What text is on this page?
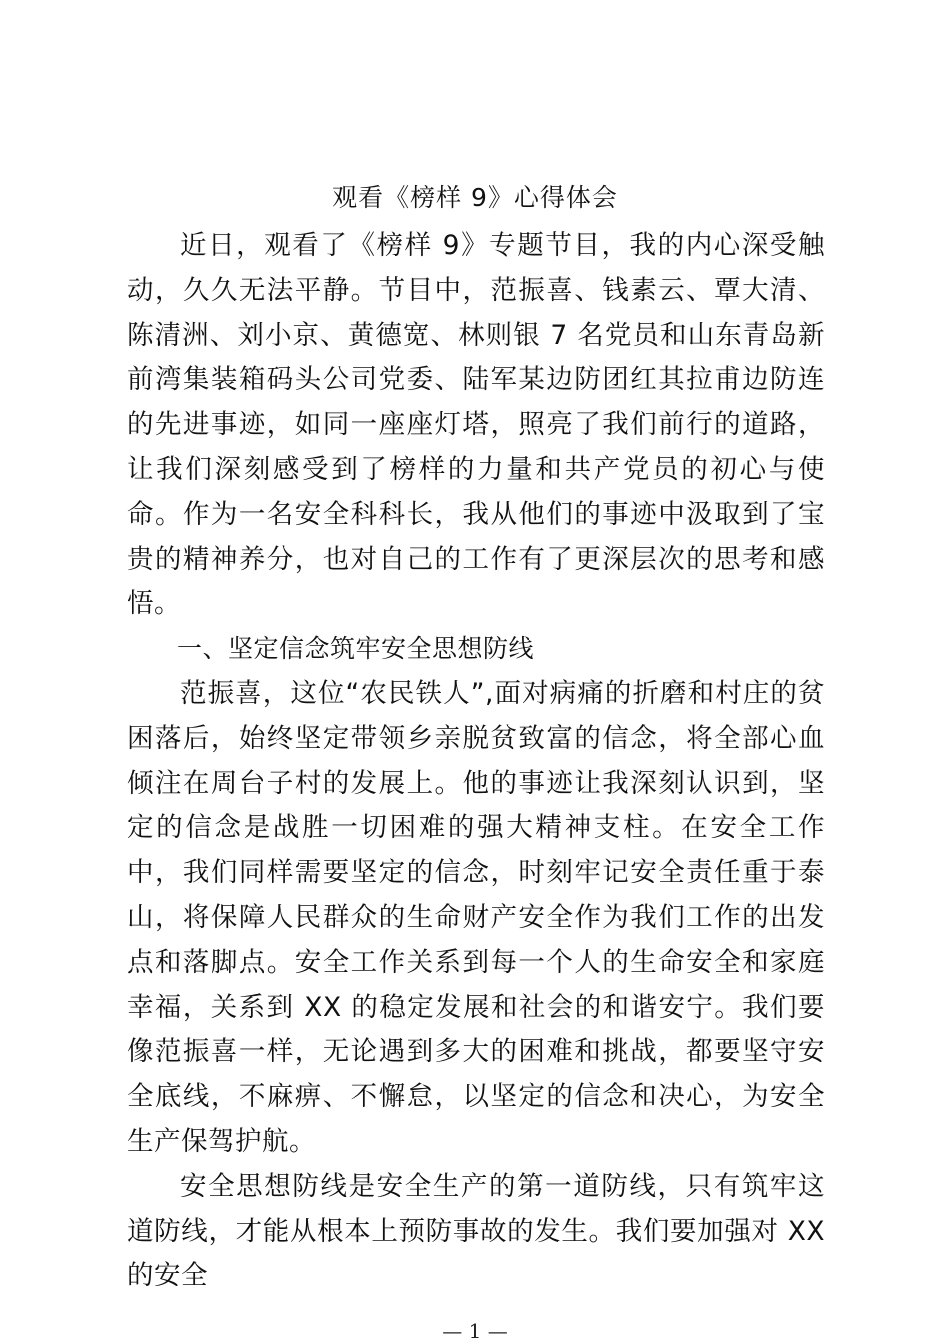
观看《榜样 9》心得体会

近日，观看了《榜样 9》专题节目，我的内心深受触动，久久无法平静。节目中，范振喜、钱素云、覃大清、陈清洲、刘小京、黄德宽、林则银 7 名党员和山东青岛新前湾集装箱码头公司党委、陆军某边防团红其拉甫边防连的先进事迹，如同一座座灯塔，照亮了我们前行的道路，让我们深刻感受到了榜样的力量和共产党员的初心与使命。作为一名安全科科长，我从他们的事迹中汲取到了宝贵的精神养分，也对自己的工作有了更深层次的思考和感悟。

一、坚定信念筑牢安全思想防线

范振喜，这位“农民铁人”,面对病痛的折磨和村庄的贫困落后，始终坚定带领乡亲脱贫致富的信念，将全部心血倾注在周台子村的发展上。他的事迹让我深刻认识到，坚定的信念是战胜一切困难的强大精神支柱。在安全工作中，我们同样需要坚定的信念，时刻牢记安全责任重于泰山，将保障人民群众的生命财产安全作为我们工作的出发点和落脚点。安全工作关系到每一个人的生命安全和家庭幸福，关系到 XX 的稳定发展和社会的和谐安宁。我们要像范振喜一样，无论遇到多大的困难和挑战，都要坚守安全底线，不麻痹、不懈怠，以坚定的信念和决心，为安全生产保驾护航。

安全思想防线是安全生产的第一道防线，只有筑牢这道防线，才能从根本上预防事故的发生。我们要加强对 XX 的安全

— 1 —
